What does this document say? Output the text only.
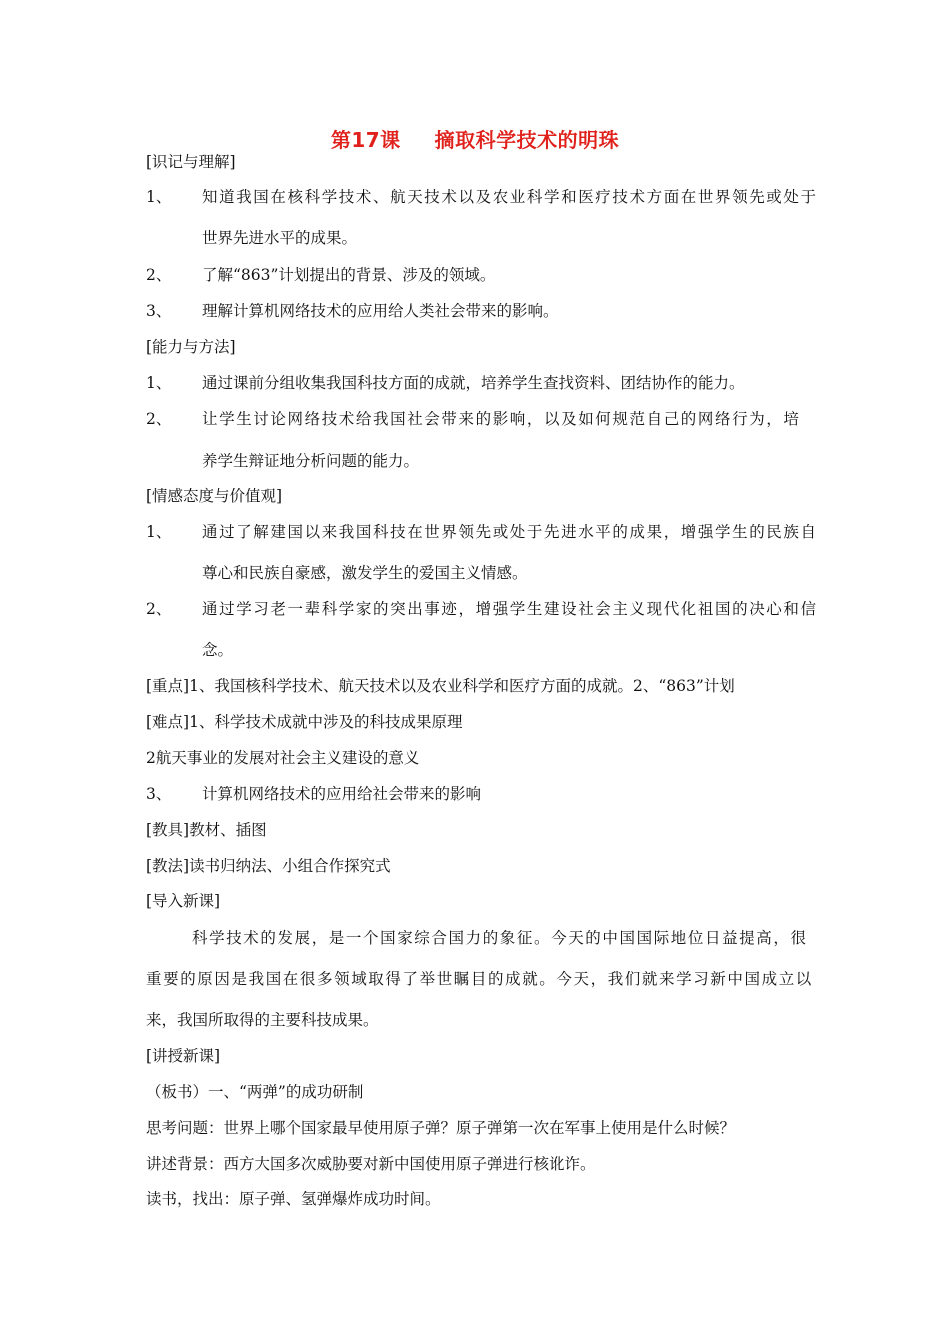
第17课 摘取科学技术的明珠
[识记与理解]
1、 知道我国在核科学技术、航天技术以及农业科学和医疗技术方面在世界领先或处于
世界先进水平的成果。
2、 了解“863”计划提出的背景、涉及的领域。
3、 理解计算机网络技术的应用给人类社会带来的影响。
[能力与方法]
1、 通过课前分组收集我国科技方面的成就，培养学生查找资料、团结协作的能力。
2、 让学生讨论网络技术给我国社会带来的影响，以及如何规范自己的网络行为，培
养学生辩证地分析问题的能力。
[情感态度与价值观]
1、 通过了解建国以来我国科技在世界领先或处于先进水平的成果，增强学生的民族自
尊心和民族自豪感，激发学生的爱国主义情感。
2、 通过学习老一辈科学家的突出事迹，增强学生建设社会主义现代化祖国的决心和信
念。
[重点]1、我国核科学技术、航天技术以及农业科学和医疗方面的成就。2、“863”计划
[难点]1、科学技术成就中涉及的科技成果原理
2航天事业的发展对社会主义建设的意义
3、 计算机网络技术的应用给社会带来的影响
[教具]教材、插图
[教法]读书归纳法、小组合作探究式
[导入新课]
科学技术的发展，是一个国家综合国力的象征。今天的中国国际地位日益提高，很
重要的原因是我国在很多领域取得了举世瞩目的成就。今天，我们就来学习新中国成立以
来，我国所取得的主要科技成果。
[讲授新课]
（板书）一、“两弹”的成功研制
思考问题：世界上哪个国家最早使用原子弹？原子弹第一次在军事上使用是什么时候？
讲述背景：西方大国多次威胁要对新中国使用原子弹进行核讹诈。
读书，找出：原子弹、氢弹爆炸成功时间。
